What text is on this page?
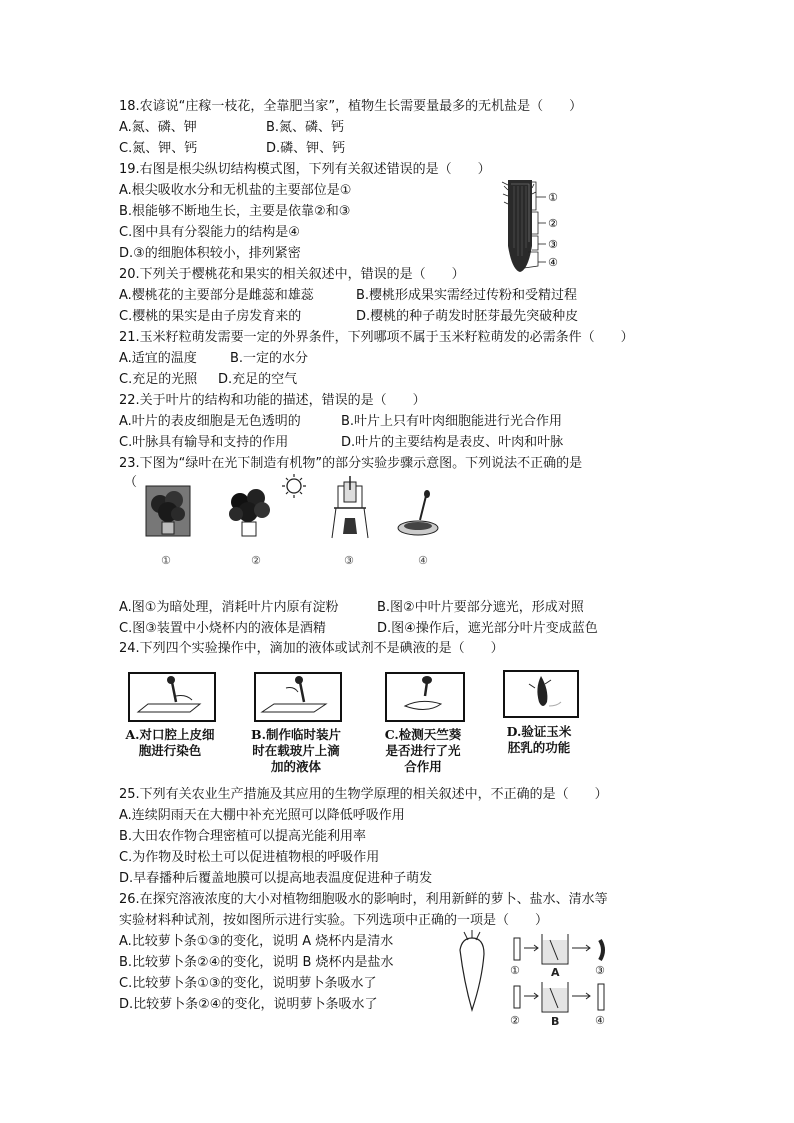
18.农谚说“庄稼一枝花，全靠肥当家”，植物生长需要量最多的无机盐是（　　）
A.氮、磷、钾	B.氮、磷、钙
C.氮、钾、钙	D.磷、钾、钙
19.右图是根尖纵切结构模式图，下列有关叙述错误的是（　　）
A.根尖吸收水分和无机盐的主要部位是①
B.根能够不断地生长，主要是依靠②和③
C.图中具有分裂能力的结构是④
D.③的细胞体积较小，排列紧密
①
②
③
④
20.下列关于樱桃花和果实的相关叙述中，错误的是（　　）
A.樱桃花的主要部分是雌蕊和雄蕊	B.樱桃形成果实需经过传粉和受精过程
C.樱桃的果实是由子房发育来的	D.樱桃的种子萌发时胚芽最先突破种皮
21.玉米籽粒萌发需要一定的外界条件，下列哪项不属于玉米籽粒萌发的必需条件（　　）
A.适宜的温度	B.一定的水分
C.充足的光照 D.充足的空气
22.关于叶片的结构和功能的描述，错误的是（　　）
A.叶片的表皮细胞是无色透明的	B.叶片上只有叶肉细胞能进行光合作用
C.叶脉具有输导和支持的作用	D.叶片的主要结构是表皮、叶肉和叶脉
23.下图为“绿叶在光下制造有机物”的部分实验步骤示意图。下列说法不正确的是
（
①	②	③	④
A.图①为暗处理，消耗叶片内原有淀粉	B.图②中叶片要部分遮光，形成对照
C.图③装置中小烧杯内的液体是酒精	D.图④操作后，遮光部分叶片变成蓝色
24.下列四个实验操作中，滴加的液体或试剂不是碘液的是（　　）
A.对口腔上皮细
胞进行染色
B.制作临时装片
时在载玻片上滴
加的液体
C.检测天竺葵
是否进行了光
合作用
D.验证玉米
胚乳的功能
25.下列有关农业生产措施及其应用的生物学原理的相关叙述中，不正确的是（　　）
A.连续阴雨天在大棚中补充光照可以降低呼吸作用
B.大田农作物合理密植可以提高光能利用率
C.为作物及时松土可以促进植物根的呼吸作用
D.早春播种后覆盖地膜可以提高地表温度促进种子萌发
26.在探究溶液浓度的大小对植物细胞吸水的影响时，利用新鲜的萝卜、盐水、清水等
实验材料种试剂，按如图所示进行实验。下列选项中正确的一项是（　　）
A.比较萝卜条①③的变化，说明 A 烧杯内是清水
B.比较萝卜条②④的变化，说明 B 烧杯内是盐水
C.比较萝卜条①③的变化，说明萝卜条吸水了
D.比较萝卜条②④的变化，说明萝卜条吸水了
①
②
A
B
③
④
